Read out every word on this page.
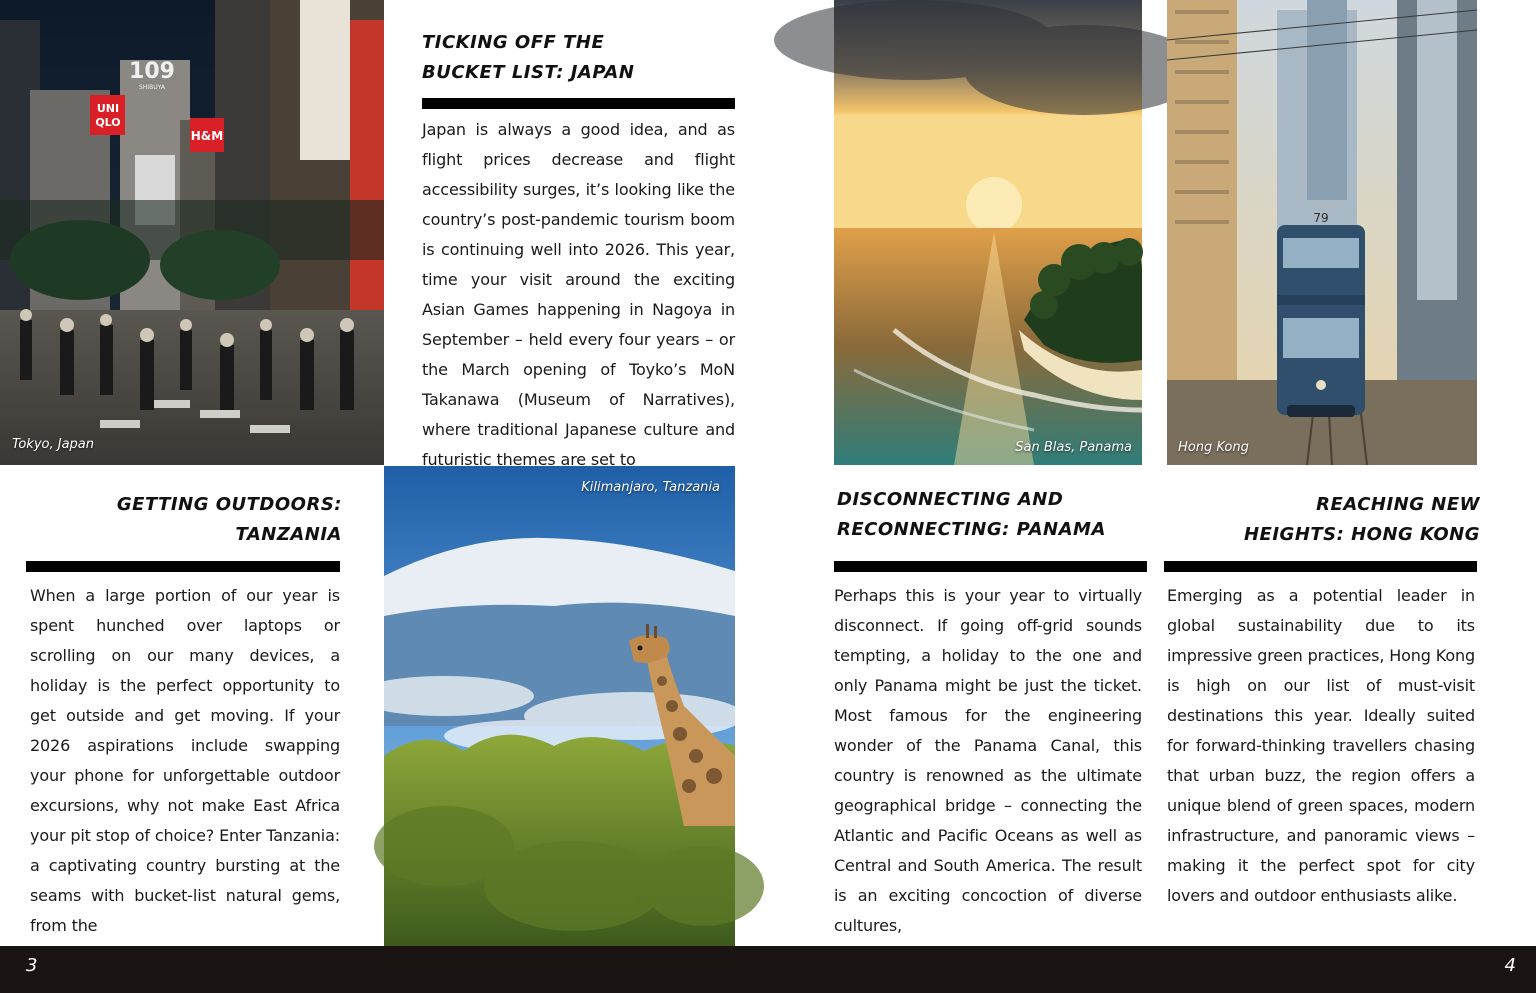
109
SHIBUYA
UNI
QLO
H&M
Tokyo, Japan
Kilimanjaro, Tanzania
San Blas, Panama
79
Hong Kong

TICKING OFF THE

BUCKET LIST: JAPAN

Japan is always a good idea, and as flight prices decrease and flight accessibility surges, it’s looking like the country’s post-pandemic tourism boom is continuing well into 2026. This year, time your visit around the exciting Asian Games happening in Nagoya in September – held every four years – or the March opening of Toyko’s MoN Takanawa (Museum of Narratives), where traditional Japanese culture and futuristic themes are set to

GETTING OUTDOORS:

TANZANIA

When a large portion of our year is spent hunched over laptops or scrolling on our many devices, a holiday is the perfect opportunity to get outside and get moving. If your 2026 aspirations include swapping your phone for unforgettable outdoor excursions, why not make East Africa your pit stop of choice? Enter Tanzania: a captivating country bursting at the seams with bucket-list natural gems, from the

DISCONNECTING AND

RECONNECTING: PANAMA

Perhaps this is your year to virtually disconnect. If going off-grid sounds tempting, a holiday to the one and only Panama might be just the ticket. Most famous for the engineering wonder of the Panama Canal, this country is renowned as the ultimate geographical bridge – connecting the Atlantic and Pacific Oceans as well as Central and South America. The result is an exciting concoction of diverse cultures,

REACHING NEW

HEIGHTS: HONG KONG

Emerging as a potential leader in global sustainability due to its impressive green practices, Hong Kong is high on our list of must-visit destinations this year. Ideally suited for forward-thinking travellers chasing that urban buzz, the region offers a unique blend of green spaces, modern infrastructure, and panoramic views – making it the perfect spot for city lovers and outdoor enthusiasts alike.

3	4
